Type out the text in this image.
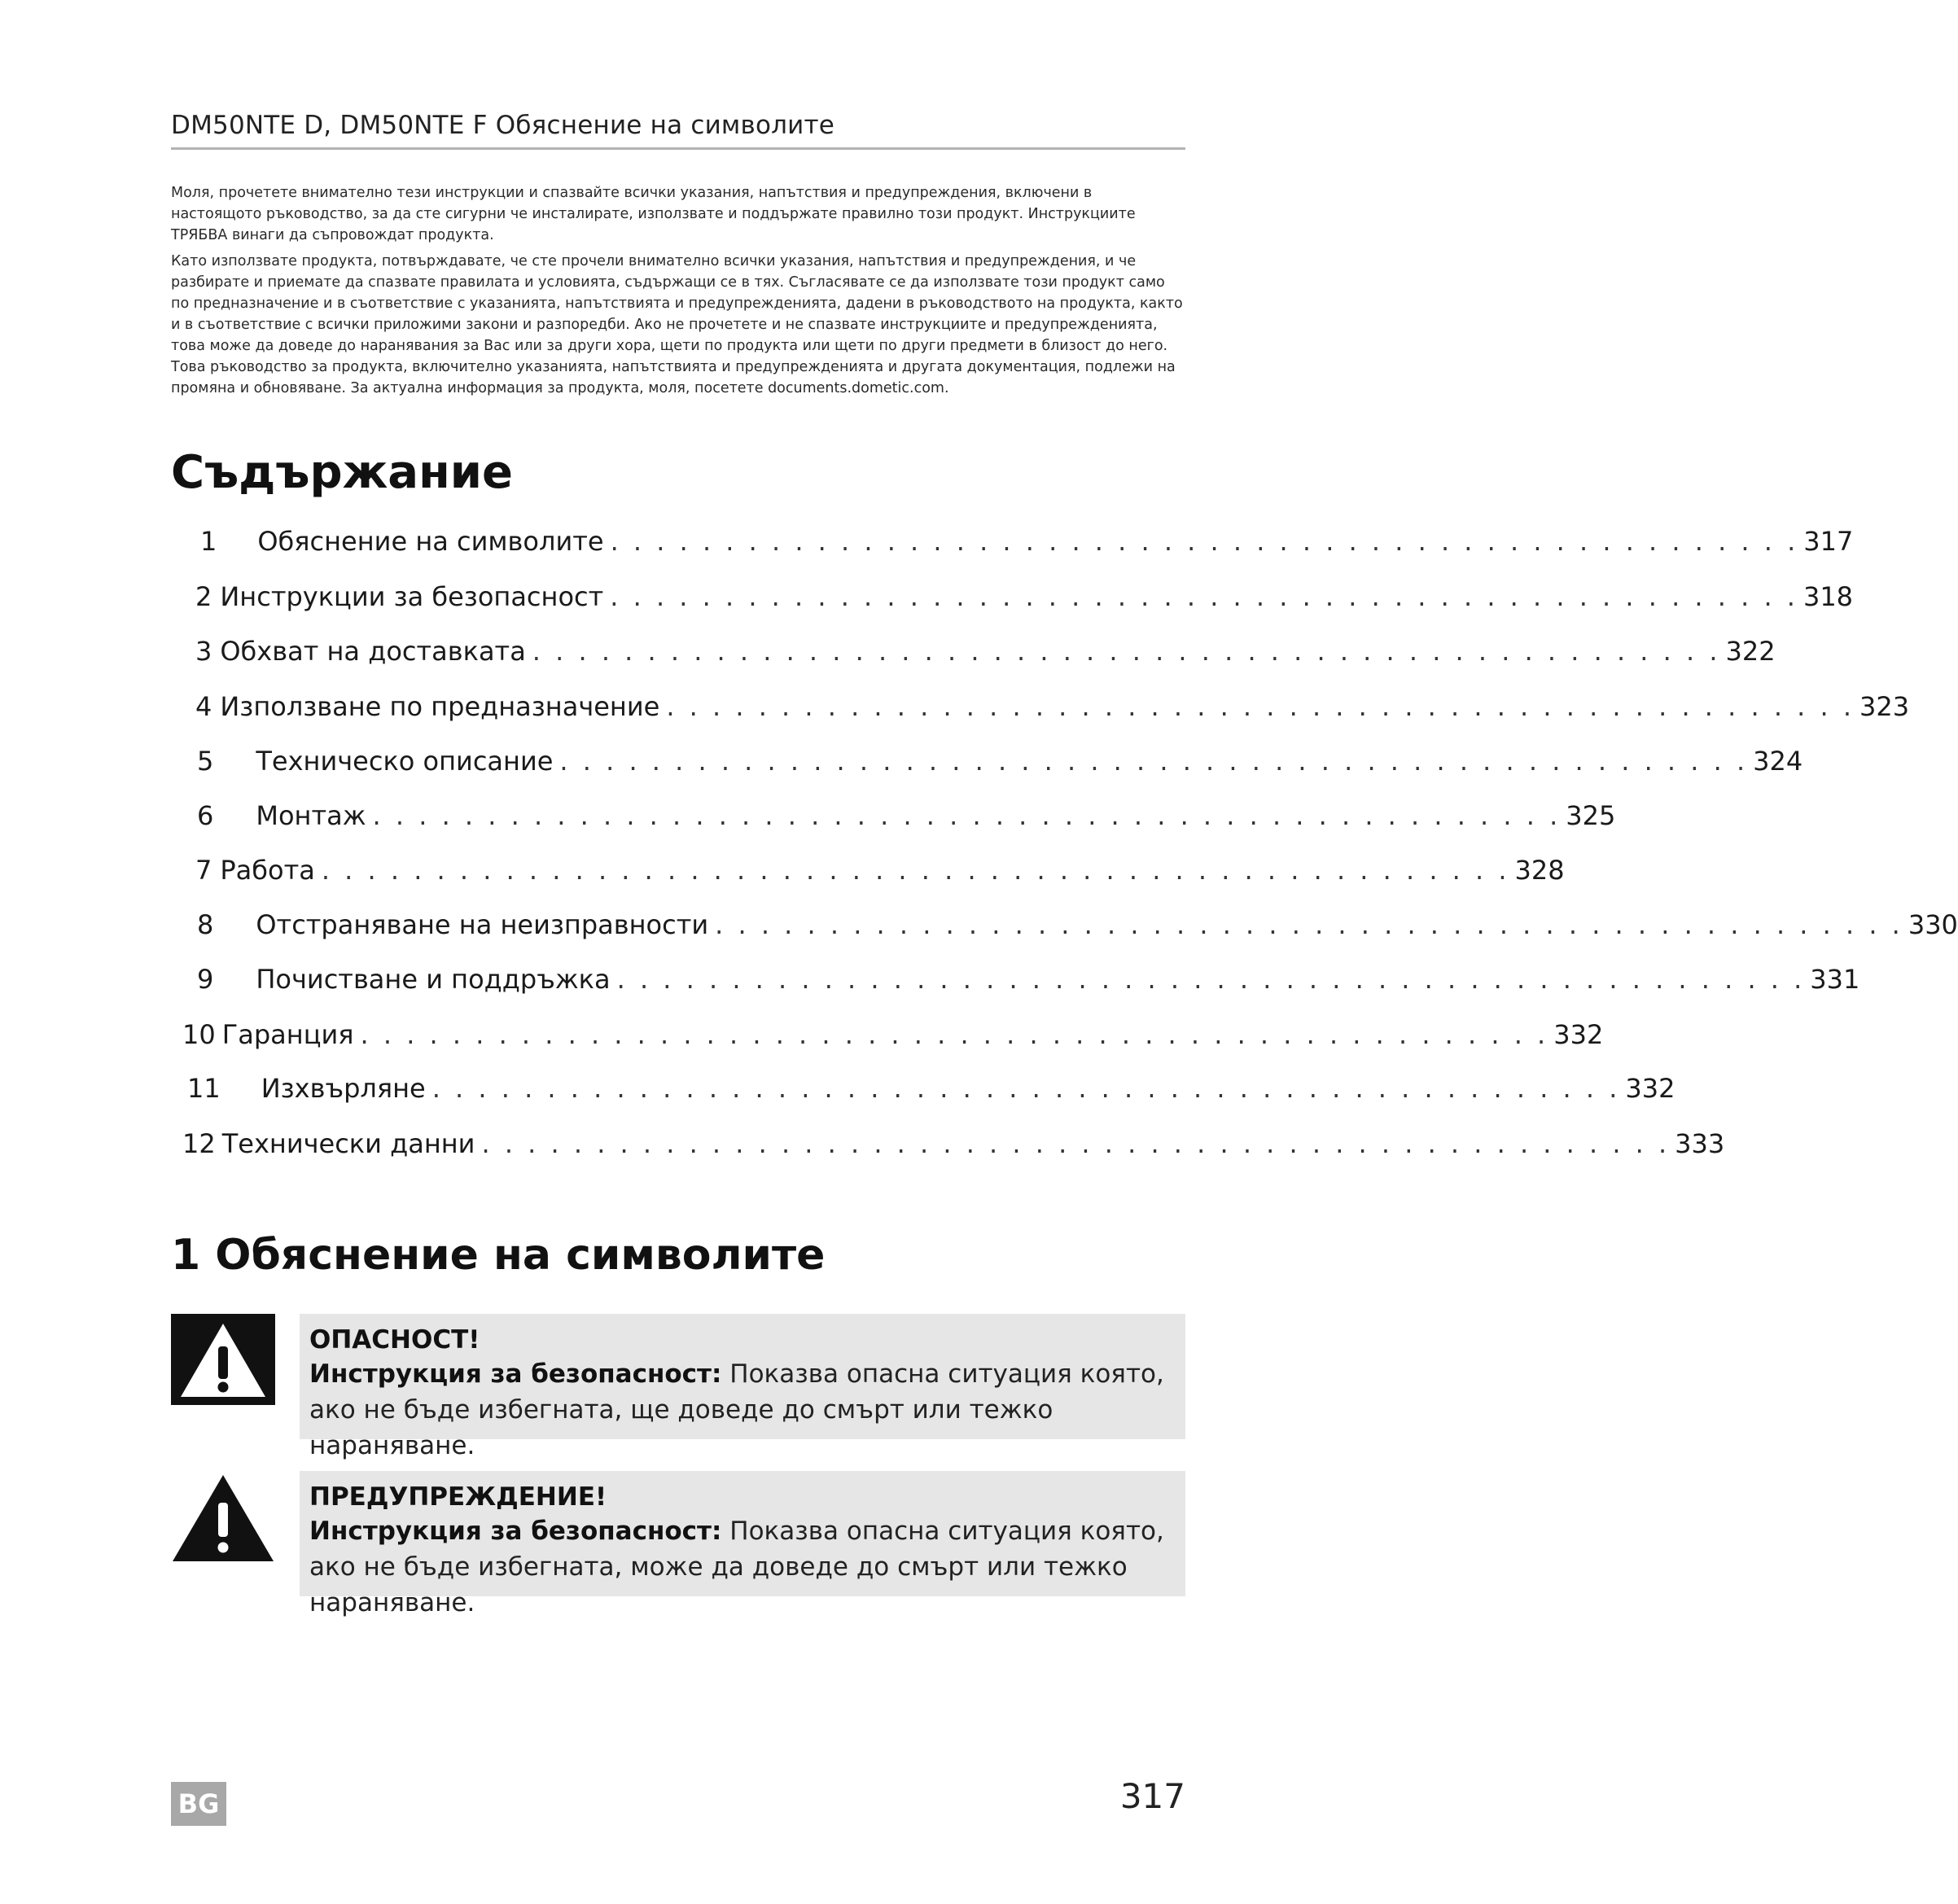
DM50NTE D, DM50NTE F Обяснение на символите

Моля, прочетете внимателно тези инструкции и спазвайте всички указания, напътствия и предупреждения, включени в настоящото ръководство, за да сте сигурни че инсталирате, използвате и поддържате правилно този продукт. Инструкциите ТРЯБВА винаги да съпровождат продукта.

Като използвате продукта, потвърждавате, че сте прочели внимателно всички указания, напътствия и предупреждения, и че разбирате и приемате да спазвате правилата и условията, съдържащи се в тях. Съгласявате се да използвате този продукт само по предназначение и в съответствие с указанията, напътствията и предупрежденията, дадени в ръководството на продукта, както и в съответствие с всички приложими закони и разпоредби. Ако не прочетете и не спазвате инструкциите и предупрежденията, това може да доведе до наранявания за Вас или за други хора, щети по продукта или щети по други предмети в близост до него. Това ръководство за продукта, включително указанията, напътствията и предупрежденията и другата документация, подлежи на промяна и обновяване. За актуална информация за продукта, моля, посетете documents.dometic.com.

Съдържание
1 Обяснение на символите . . . . . . . . . . . . . . . . . . . . . . . . . . . . . . . . . . . . . . . . . . . . . . . . . . . . 317
2 Инструкции за безопасност . . . . . . . . . . . . . . . . . . . . . . . . . . . . . . . . . . . . . . . . . . . . . . . . . . . . 318
3 Обхват на доставката . . . . . . . . . . . . . . . . . . . . . . . . . . . . . . . . . . . . . . . . . . . . . . . . . . . . 322
4 Използване по предназначение . . . . . . . . . . . . . . . . . . . . . . . . . . . . . . . . . . . . . . . . . . . . . . . . . . . . 323
5 Техническо описание . . . . . . . . . . . . . . . . . . . . . . . . . . . . . . . . . . . . . . . . . . . . . . . . . . . . 324
6 Монтаж . . . . . . . . . . . . . . . . . . . . . . . . . . . . . . . . . . . . . . . . . . . . . . . . . . . . 325
7 Работа . . . . . . . . . . . . . . . . . . . . . . . . . . . . . . . . . . . . . . . . . . . . . . . . . . . . 328
8 Отстраняване на неизправности . . . . . . . . . . . . . . . . . . . . . . . . . . . . . . . . . . . . . . . . . . . . . . . . . . . . 330
9 Почистване и поддръжка . . . . . . . . . . . . . . . . . . . . . . . . . . . . . . . . . . . . . . . . . . . . . . . . . . . . 331
10 Гаранция . . . . . . . . . . . . . . . . . . . . . . . . . . . . . . . . . . . . . . . . . . . . . . . . . . . . 332
11 Изхвърляне . . . . . . . . . . . . . . . . . . . . . . . . . . . . . . . . . . . . . . . . . . . . . . . . . . . . 332
12 Технически данни . . . . . . . . . . . . . . . . . . . . . . . . . . . . . . . . . . . . . . . . . . . . . . . . . . . . 333
1 Обяснение на символите
ОПАСНОСТ!
Инструкция за безопасност: Показва опасна ситуация която, ако не бъде избегната, ще доведе до смърт или тежко нараняване.
ПРЕДУПРЕЖДЕНИЕ!
Инструкция за безопасност: Показва опасна ситуация която, ако не бъде избегната, може да доведе до смърт или тежко нараняване.
BG	317
